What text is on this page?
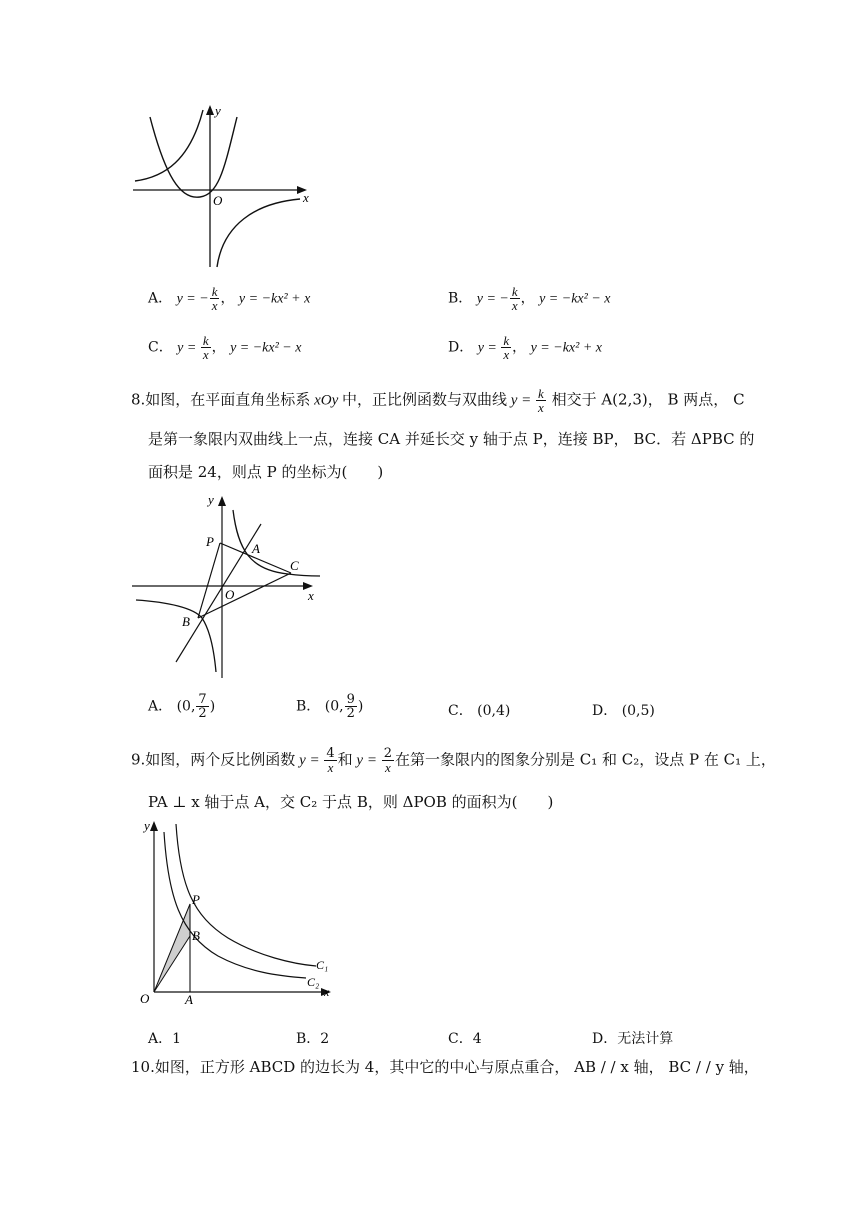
y
x
O
A． y = − $\frac{k}{x}$ ， y = −kx² + x	B． y = − $\frac{k}{x}$ ， y = −kx² − x
C． $y = \frac{k}{x}$ ， y = −kx² − x	D． $y = \frac{k}{x}$ ， y = −kx² + x
8.如图，在平面直角坐标系 xOy 中，正比例函数与双曲线 $y = \frac{k}{x}$ 相交于 A(2,3)， B 两点， C
是第一象限内双曲线上一点，连接 CA 并延长交 y 轴于点 P，连接 BP， BC．若 ΔPBC 的
面积是 24，则点 P 的坐标为(　　)
y
x
O
P	A
B
C
A． (0, $\frac{7}{2}$ )	B． (0, $\frac{9}{2}$ )	C． (0,4)	D． (0,5)
9.如图，两个反比例函数 $y = \frac{4}{x}$ 和 $y = \frac{2}{x}$ 在第一象限内的图象分别是 C₁ 和 C₂，设点 P 在 C₁ 上，
PA ⊥ x 轴于点 A，交 C₂ 于点 B，则 ΔPOB 的面积为(　　)
y
x
O	A
P
B
C₁
C₂
A．1	B．2	C．4	D．无法计算
10.如图，正方形 ABCD 的边长为 4，其中它的中心与原点重合， AB / / x 轴， BC / / y 轴，
